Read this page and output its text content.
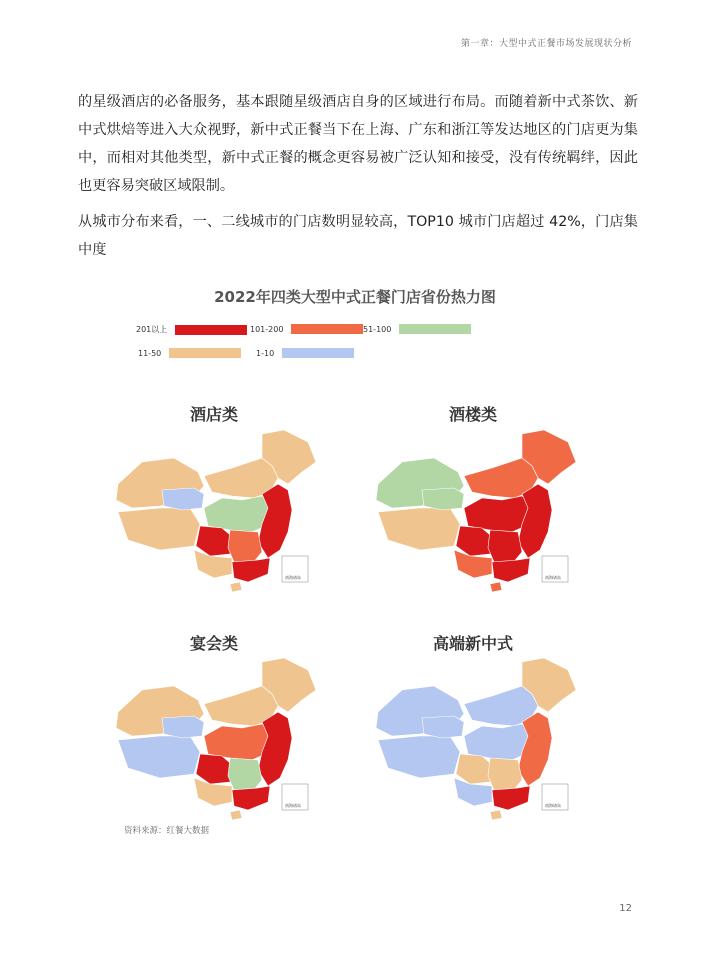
第一章：大型中式正餐市场发展现状分析

的星级酒店的必备服务，基本跟随星级酒店自身的区域进行布局。而随着新中式茶饮、新中式烘焙等进入大众视野，新中式正餐当下在上海、广东和浙江等发达地区的门店更为集中，而相对其他类型，新中式正餐的概念更容易被广泛认知和接受，没有传统羁绊，因此也更容易突破区域限制。

从城市分布来看，一、二线城市的门店数明显较高，TOP10 城市门店超过 42%，门店集中度

2022年四类大型中式正餐门店省份热力图
201以上	101-200	51-100
11-50	1-10
酒店类	酒楼类
宴会类	高端新中式
南海诸岛	南海诸岛
南海诸岛	南海诸岛
资料来源：红餐大数据
12
